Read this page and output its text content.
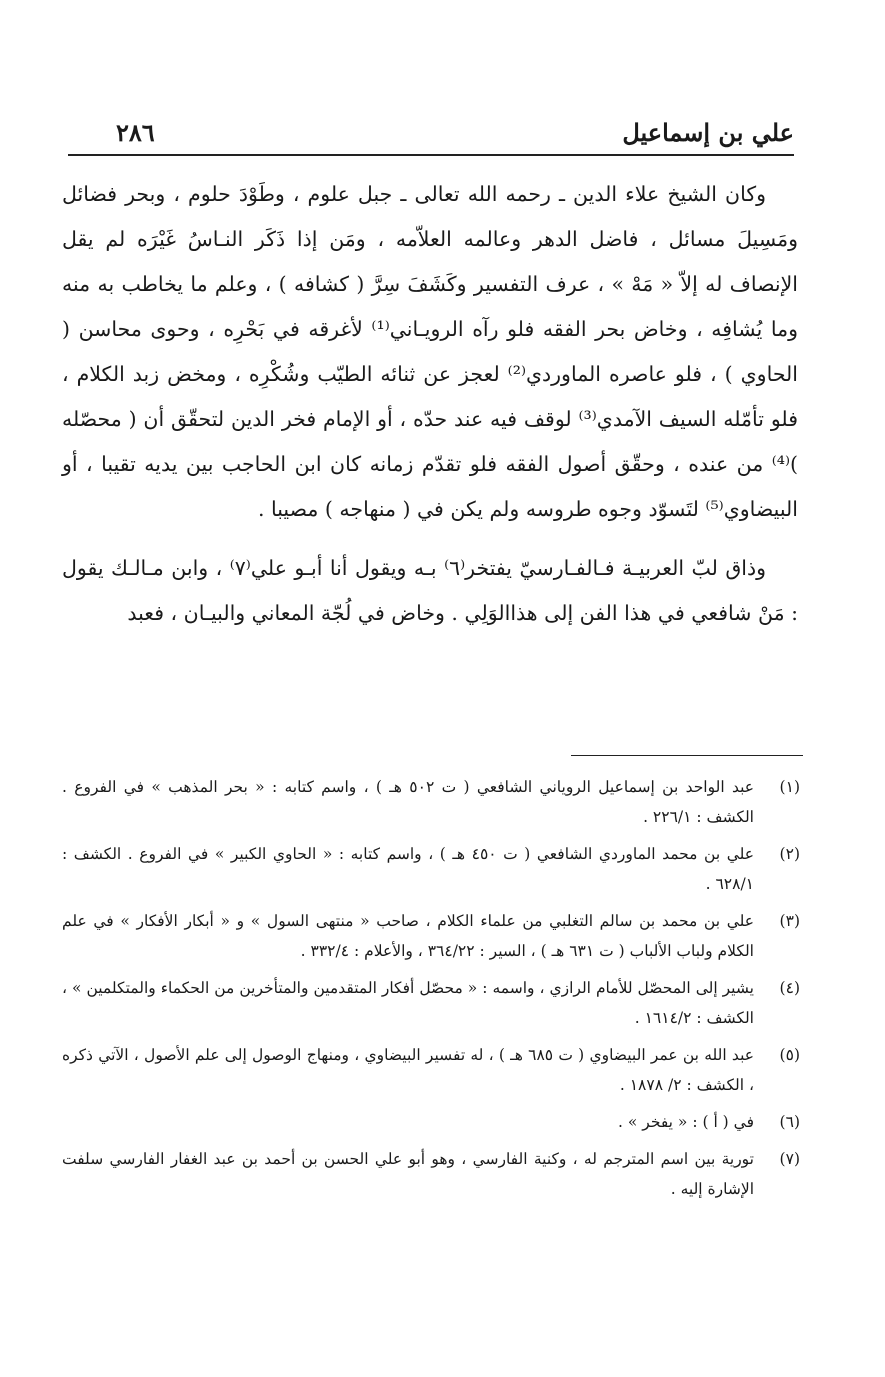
علي بن إسماعيل
٢٨٦

وكان الشيخ علاء الدين ـ رحمه الله تعالى ـ جبل علوم ، وطَوْدَ حلوم ، وبحر فضائل ومَسِيلَ مسائل ، فاضل الدهر وعالمه العلاّمه ، ومَن إذا ذَكَر النـاسُ غَيْرَه لم يقل الإنصاف له إلاّ « مَهْ » ، عرف التفسير وكَشَفَ سِرَّ ( كشافه ) ، وعلم ما يخاطب به منه وما يُشافِه ، وخاض بحر الفقه فلو رآه الرويـاني⁽¹⁾ لأغرقه في بَحْرِه ، وحوى محاسن ( الحاوي ) ، فلو عاصره الماوردي⁽²⁾ لعجز عن ثنائه الطيّب وشُكْرِه ، ومخض زبد الكلام ، فلو تأمّله السيف الآمدي⁽³⁾ لوقف فيه عند حدّه ، أو الإمام فخر الدين لتحقّق أن ( محصّله )⁽⁴⁾ من عنده ، وحقّق أصول الفقه فلو تقدّم زمانه كان ابن الحاجب بين يديه تقيبا ، أو البيضاوي⁽⁵⁾ لتَسوّد وجوه طروسه ولم يكن في ( منهاجه ) مصيبا .

وذاق لبّ العربيـة فـالفـارسيّ يفتخر⁽٦⁾ بـه ويقول أنا أبـو علي⁽٧⁾ ، وابن مـالـك يقول : مَنْ شافعي في هذا الفن إلى هذاالوَلِي . وخاض في لُجّة المعاني والبيـان ، فعبد

(١)
عبد الواحد بن إسماعيل الروياني الشافعي ( ت ٥٠٢ هـ ) ، واسم كتابه : « بحر المذهب » في الفروع . الكشف : ٢٢٦/١ .
(٢)
علي بن محمد الماوردي الشافعي ( ت ٤٥٠ هـ ) ، واسم كتابه : « الحاوي الكبير » في الفروع . الكشف : ٦٢٨/١ .
(٣)
علي بن محمد بن سالم التغلبي من علماء الكلام ، صاحب « منتهى السول » و « أبكار الأفكار » في علم الكلام ولباب الألباب ( ت ٦٣١ هـ ) ، السير : ٣٦٤/٢٢ ، والأعلام : ٣٣٢/٤ .
(٤)
يشير إلى المحصّل للأمام الرازي ، واسمه : « محصّل أفكار المتقدمين والمتأخرين من الحكماء والمتكلمين » ، الكشف : ١٦١٤/٢ .
(٥)
عبد الله بن عمر البيضاوي ( ت ٦٨٥ هـ ) ، له تفسير البيضاوي ، ومنهاج الوصول إلى علم الأصول ، الآتي ذكره ، الكشف : ٢/ ١٨٧٨ .
(٦)
في ( أ ) : « يفخر » .
(٧)
تورية بين اسم المترجم له ، وكنية الفارسي ، وهو أبو علي الحسن بن أحمد بن عبد الغفار الفارسي سلفت الإشارة إليه .
